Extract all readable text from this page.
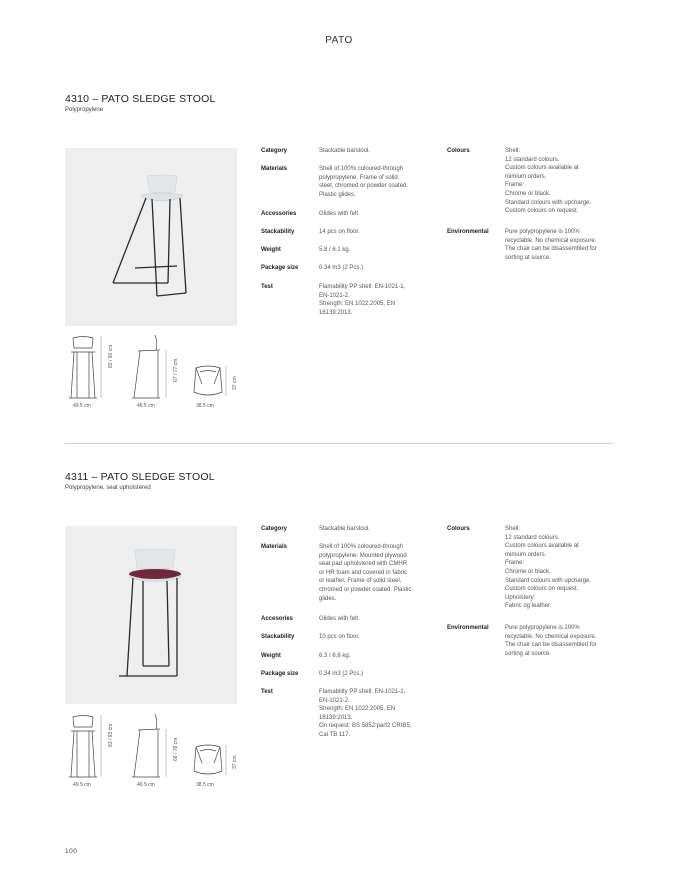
PATO
4310 – PATO SLEDGE STOOL
Polypropylene
Category	Stackable barstool.
Materials	Shell of 100% coloured-through
polypropylene. Frame of solid
steel, chromed or powder coated.
Plastic glides.
Accessories	Glides with felt.
Stackability	14 pcs on floor.
Weight	5.8 / 6.1 kg.
Package size	0.34 m3 (2 Pcs.)
Test	Flamability PP shell: EN-1021-1,
EN-1021-2.
Strength: EN 1022:2005, EN
16139:2013.
Colours	Shell:
12 standard colours.
Custom colours available at
mimium orders.
Frame:
Chrome or black.
Standard colours with upcharge.
Custom colours on request.
Environmental	Pure polypropylene is 100%
recyclable. No chemical exposure.
The chair can be disassembled for
sorting at source.
83 / 90 cm
49.5 cm
67 / 77 cm
46.5 cm
37 cm
38.5 cm
4311 – PATO SLEDGE STOOL
Polypropylene, seat upholstered
Category	Stackable barstool.
Materials	Shell of 100% coloured-through
polypropylene. Mounted plywood
seat pad upholstered with CMHR
or HR foam and covered in fabric
or leather. Frame of solid steel,
chromed or powder coated. Plastic
glides.
Accesories	Glides with felt.
Stackability	10 pcs on floor.
Weight	6.3 / 6.6 kg.
Package size	0.34 m3 (2 Pcs.)
Test	Flamability PP shell: EN-1021-1,
EN-1021-2.
Strength: EN 1022:2005, EN
16139:2013.
On request: BS 5852:part2 CRIB5,
Cal TB 117.
Colours	Shell:
12 standard colours.
Custom colours available at
mimium orders.
Frame:
Chrome or black.
Standard colours with upcharge.
Custom colours on request.
Upholstery:
Fabric og leather.
Environmental	Pure polypropylene is 100%
recyclable. No chemical exposure.
The chair can be disassembled for
sorting at source.
83 / 93 cm
49.5 cm
68 / 78 cm
46.5 cm
37 cm
38.5 cm
100
